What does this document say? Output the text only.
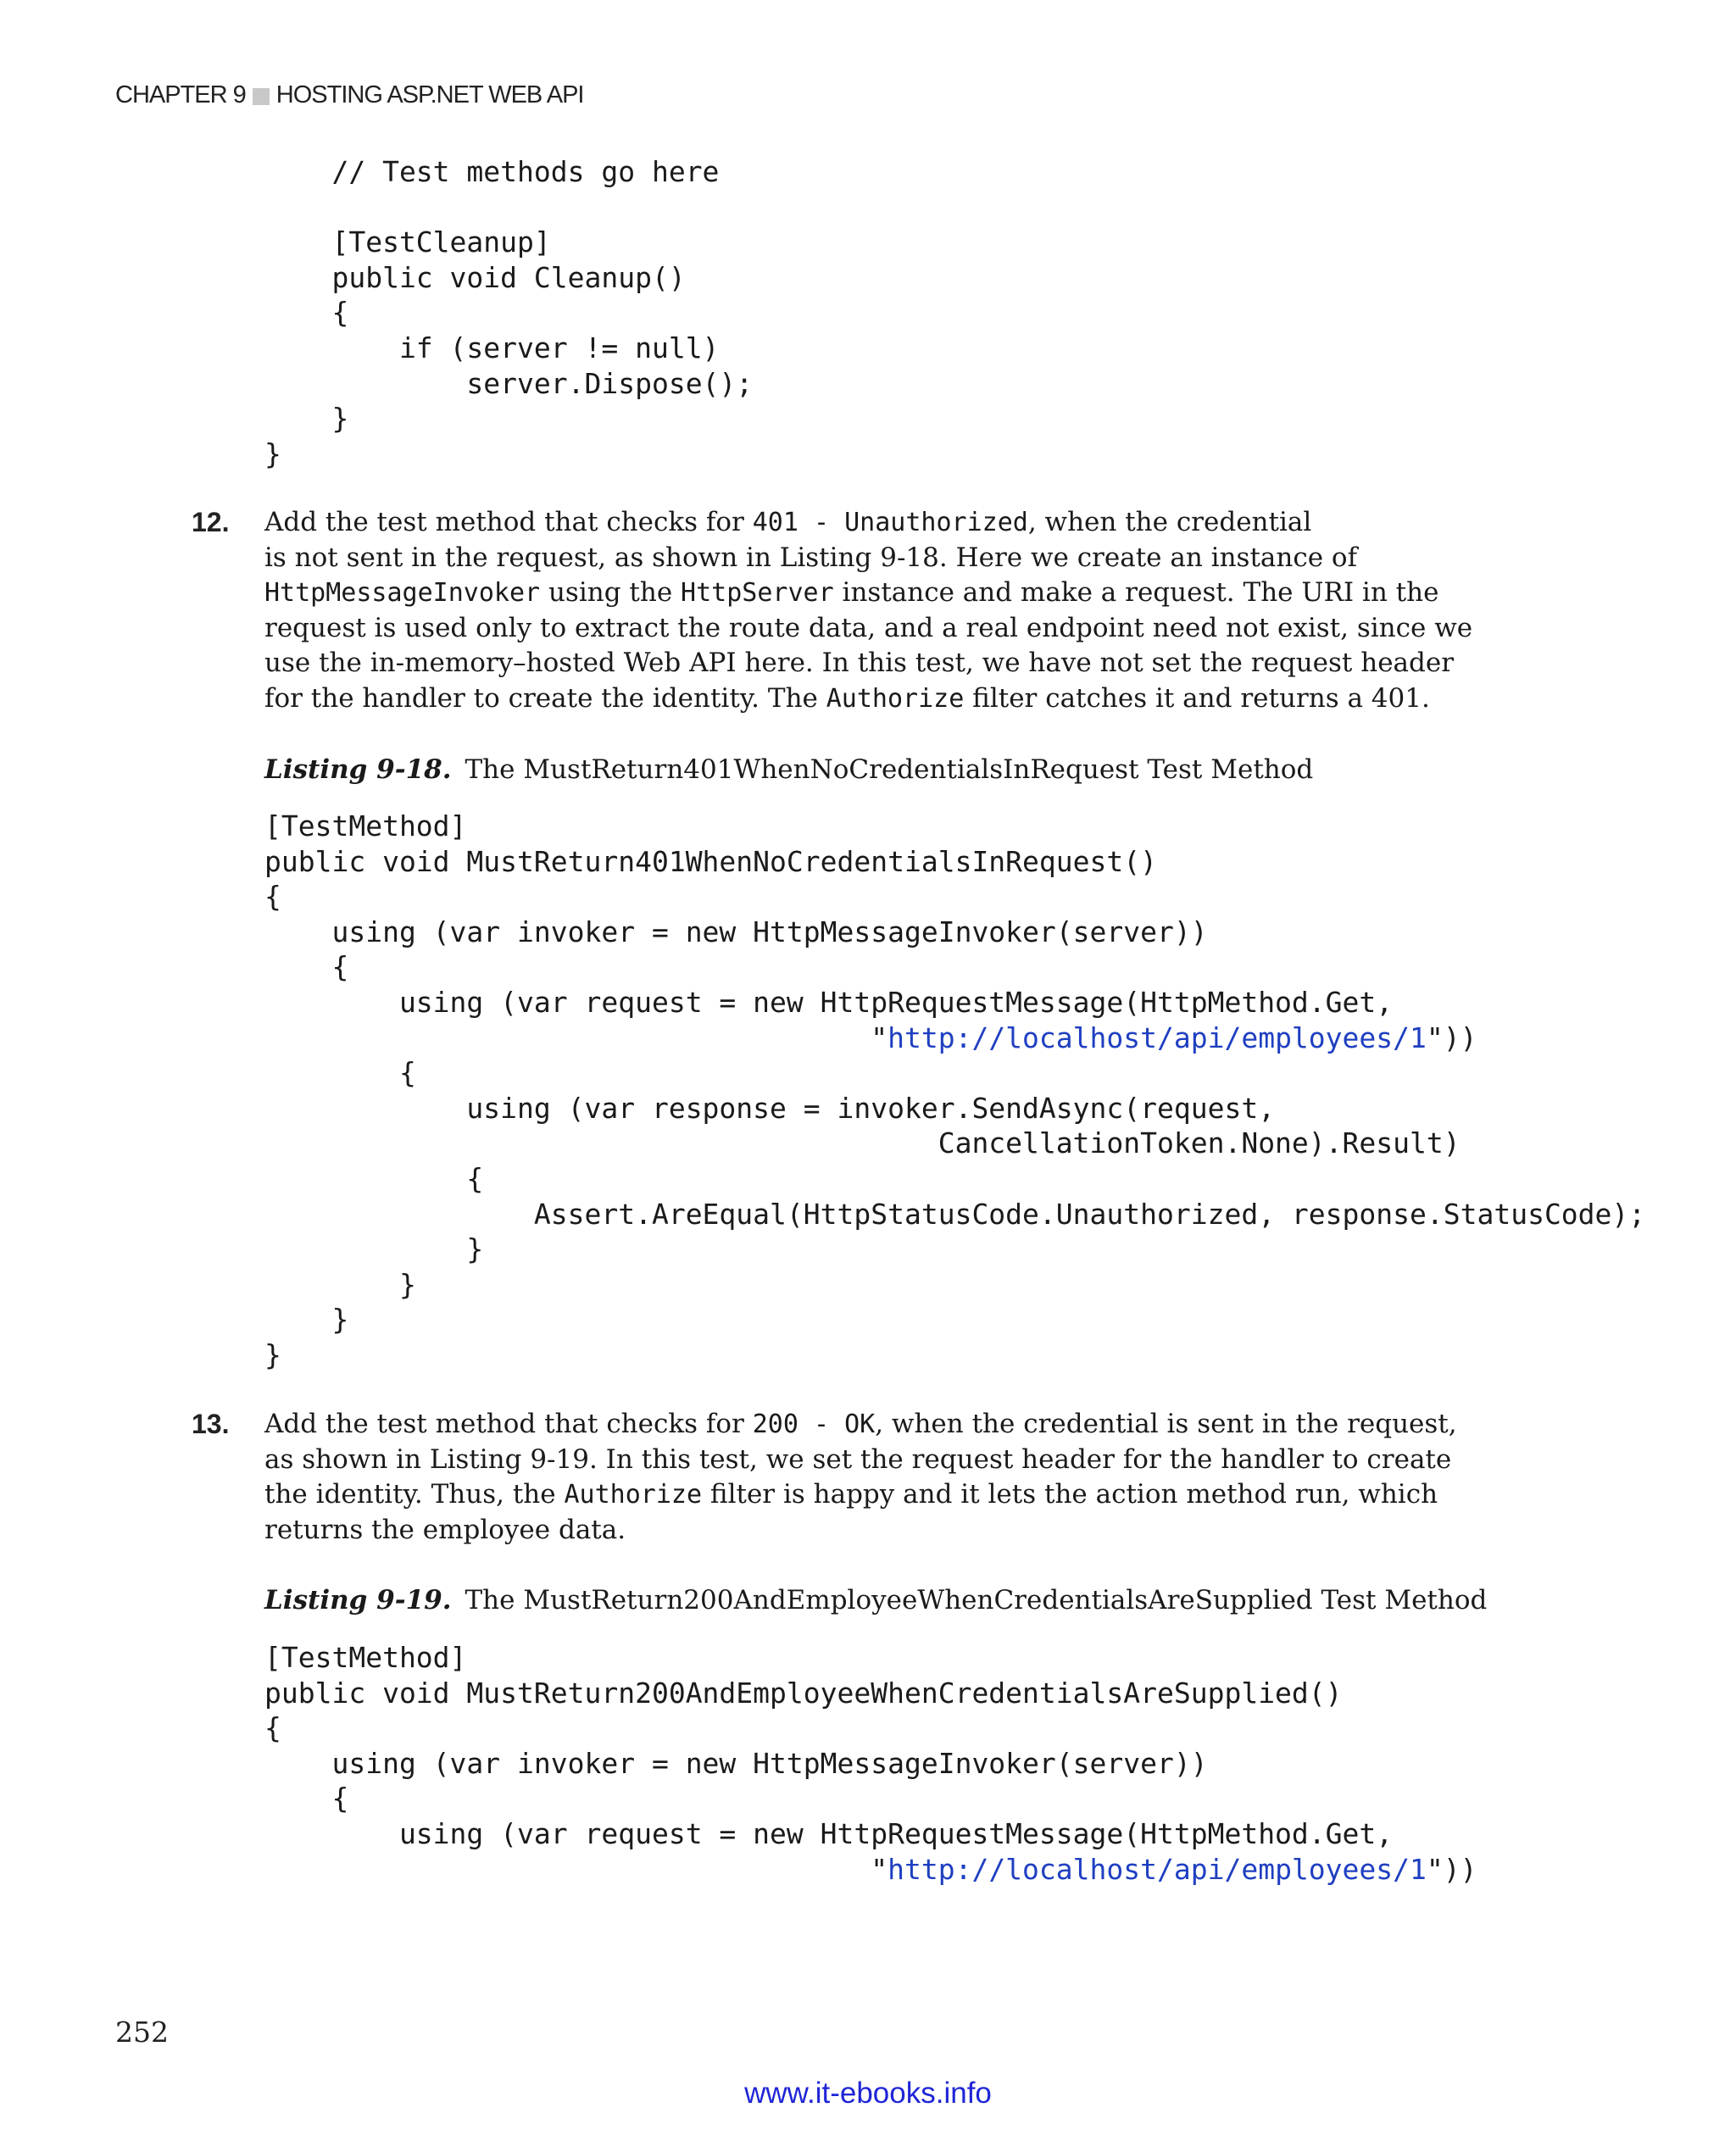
CHAPTER 9 HOSTING ASP.NET WEB API
// Test methods go here
[TestCleanup]
public void Cleanup()
{
if (server != null)
server.Dispose();
}
}
12. Add the test method that checks for 401 - Unauthorized, when the credential
is not sent in the request, as shown in Listing 9-18. Here we create an instance of
HttpMessageInvoker using the HttpServer instance and make a request. The URI in the
request is used only to extract the route data, and a real endpoint need not exist, since we
use the in-memory–hosted Web API here. In this test, we have not set the request header
for the handler to create the identity. The Authorize filter catches it and returns a 401.
Listing 9-18. The MustReturn401WhenNoCredentialsInRequest Test Method
[TestMethod]
public void MustReturn401WhenNoCredentialsInRequest()
{
using (var invoker = new HttpMessageInvoker(server))
{
using (var request = new HttpRequestMessage(HttpMethod.Get,
"http://localhost/api/employees/1"))
{
using (var response = invoker.SendAsync(request,
CancellationToken.None).Result)
{
Assert.AreEqual(HttpStatusCode.Unauthorized, response.StatusCode);
}
}
}
}
13. Add the test method that checks for 200 - OK, when the credential is sent in the request,
as shown in Listing 9-19. In this test, we set the request header for the handler to create
the identity. Thus, the Authorize filter is happy and it lets the action method run, which
returns the employee data.
Listing 9-19. The MustReturn200AndEmployeeWhenCredentialsAreSupplied Test Method
[TestMethod]
public void MustReturn200AndEmployeeWhenCredentialsAreSupplied()
{
using (var invoker = new HttpMessageInvoker(server))
{
using (var request = new HttpRequestMessage(HttpMethod.Get,
"http://localhost/api/employees/1"))
252
www.it-ebooks.info
